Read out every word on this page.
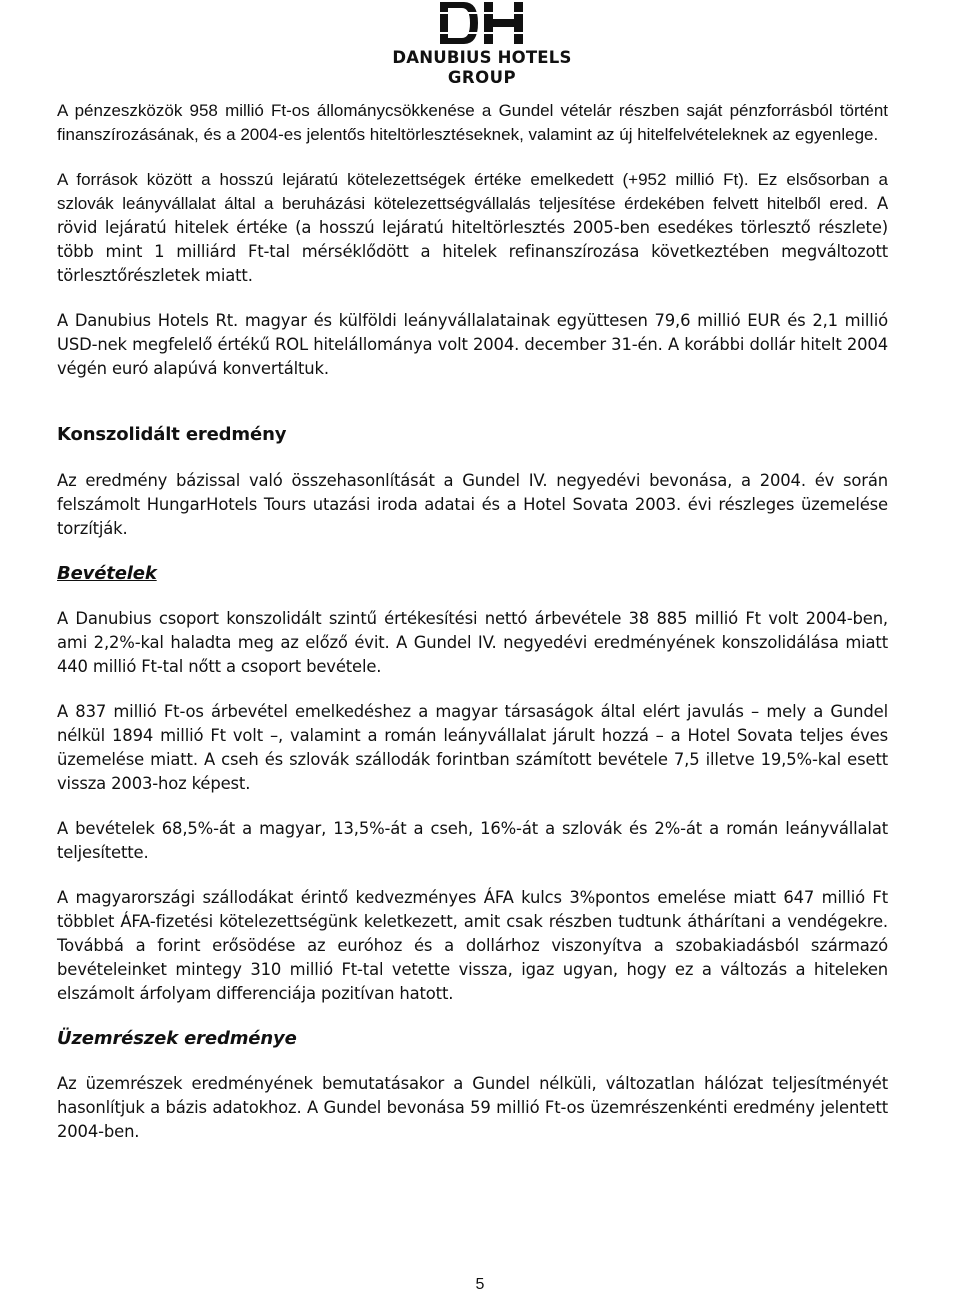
DANUBIUS HOTELS
GROUP

A pénzeszközök 958 millió Ft-os állománycsökkenése a Gundel vételár részben saját pénzforrásból történt finanszírozásának, és a 2004-es jelentős hiteltörlesztéseknek, valamint az új hitelfelvételeknek az egyenlege.

A források között a hosszú lejáratú kötelezettségek értéke emelkedett (+952 millió Ft). Ez elsősorban a szlovák leányvállalat által a beruházási kötelezettségvállalás teljesítése érdekében felvett hitelből ered. A rövid lejáratú hitelek értéke (a hosszú lejáratú hiteltörlesztés 2005-ben esedékes törlesztő részlete) több mint 1 milliárd Ft-tal mérséklődött a hitelek refinanszírozása következtében megváltozott törlesztőrészletek miatt.

A Danubius Hotels Rt. magyar és külföldi leányvállalatainak együttesen 79,6 millió EUR és 2,1 millió USD-nek megfelelő értékű ROL hitelállománya volt 2004. december 31-én. A korábbi dollár hitelt 2004 végén euró alapúvá konvertáltuk.

Konszolidált eredmény

Az eredmény bázissal való összehasonlítását a Gundel IV. negyedévi bevonása, a 2004. év során felszámolt HungarHotels Tours utazási iroda adatai és a Hotel Sovata 2003. évi részleges üzemelése torzítják.

Bevételek

A Danubius csoport konszolidált szintű értékesítési nettó árbevétele 38 885 millió Ft volt 2004-ben, ami 2,2%-kal haladta meg az előző évit. A Gundel IV. negyedévi eredményének konszolidálása miatt 440 millió Ft-tal nőtt a csoport bevétele.

A 837 millió Ft-os árbevétel emelkedéshez a magyar társaságok által elért javulás – mely a Gundel nélkül 1894 millió Ft volt –, valamint a román leányvállalat járult hozzá – a Hotel Sovata teljes éves üzemelése miatt. A cseh és szlovák szállodák forintban számított bevétele 7,5 illetve 19,5%-kal esett vissza 2003-hoz képest.

A bevételek 68,5%-át a magyar, 13,5%-át a cseh, 16%-át a szlovák és 2%-át a román leányvállalat teljesítette.

A magyarországi szállodákat érintő kedvezményes ÁFA kulcs 3%pontos emelése miatt 647 millió Ft többlet ÁFA-fizetési kötelezettségünk keletkezett, amit csak részben tudtunk áthárítani a vendégekre. Továbbá a forint erősödése az euróhoz és a dollárhoz viszonyítva a szobakiadásból származó bevételeinket mintegy 310 millió Ft-tal vetette vissza, igaz ugyan, hogy ez a változás a hiteleken elszámolt árfolyam differenciája pozitívan hatott.

Üzemrészek eredménye

Az üzemrészek eredményének bemutatásakor a Gundel nélküli, változatlan hálózat teljesítményét hasonlítjuk a bázis adatokhoz. A Gundel bevonása 59 millió Ft-os üzemrészenkénti eredmény jelentett 2004-ben.

5
